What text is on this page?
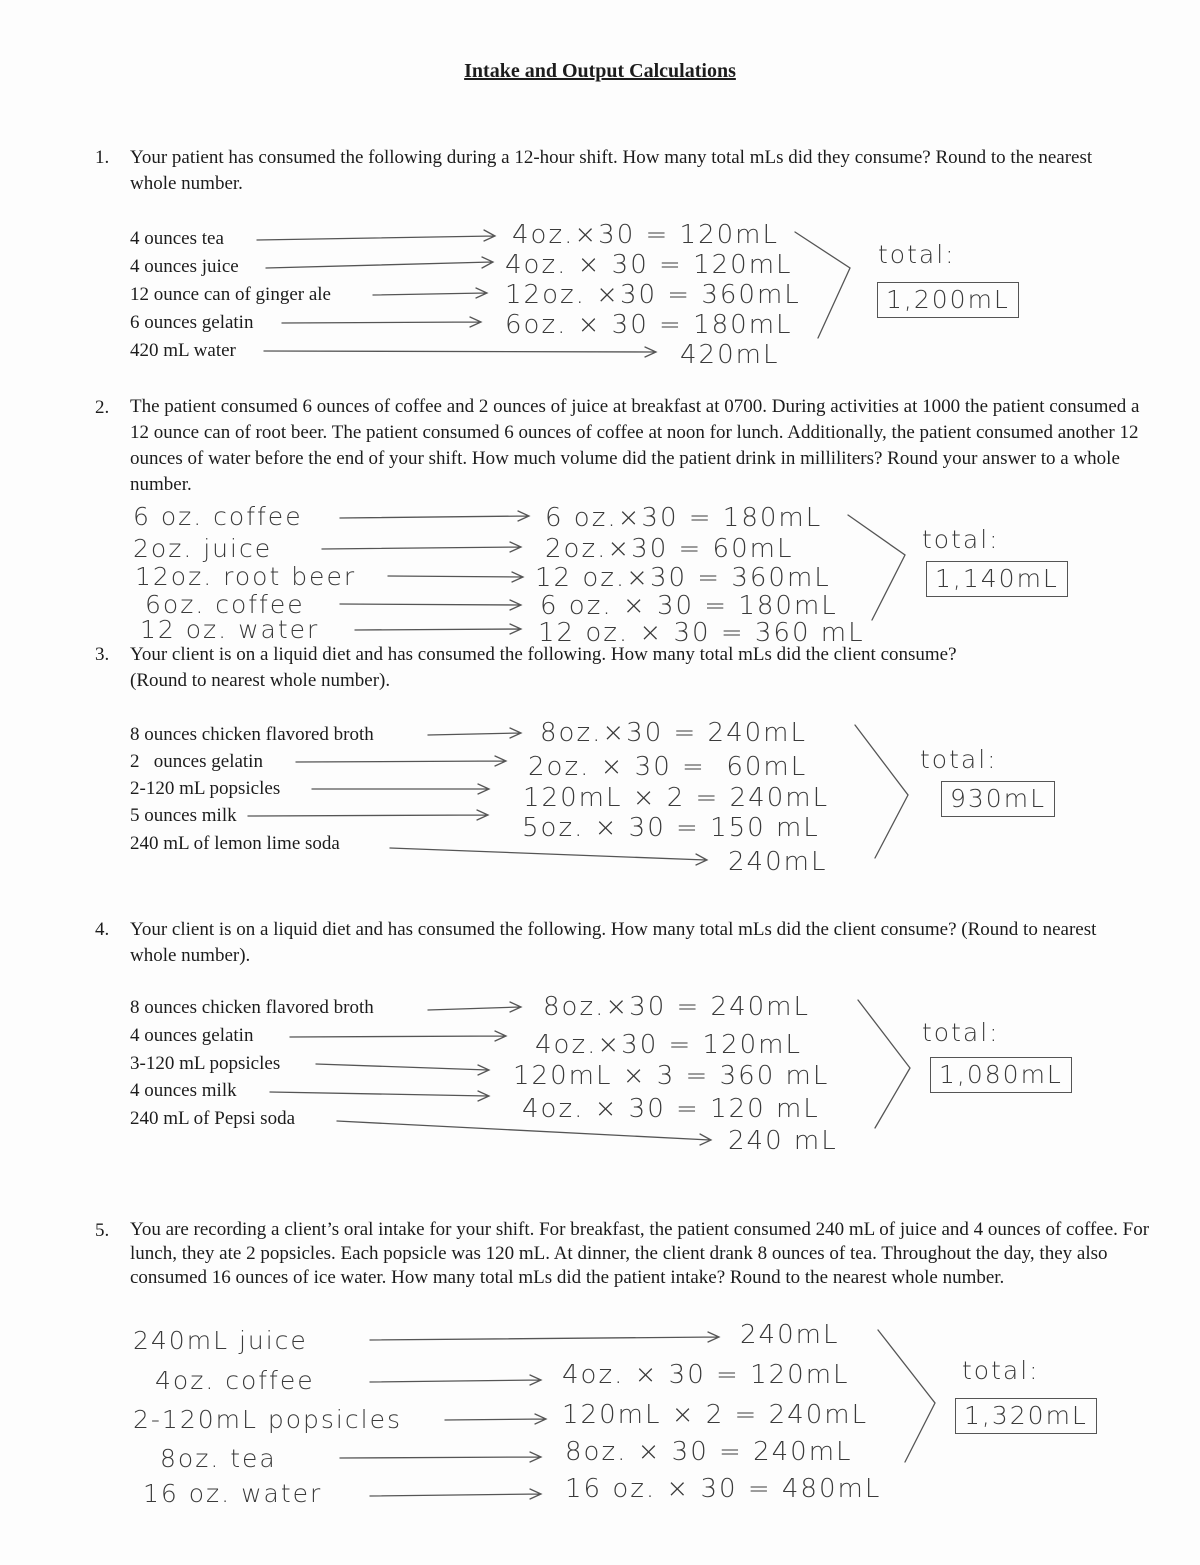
Intake and Output Calculations
1. Your patient has consumed the following during a 12-hour shift. How many total mLs did they consume? Round to the nearest whole number.
4 ounces tea
4 ounces juice
12 ounce can of ginger ale
6 ounces gelatin
420 mL water
4oz.×30 = 120mL
4oz. × 30 = 120mL
12oz. ×30 = 360mL
6oz. × 30 = 180mL
420mL
total:
1,200mL
2. The patient consumed 6 ounces of coffee and 2 ounces of juice at breakfast at 0700. During activities at 1000 the patient consumed a 12 ounce can of root beer. The patient consumed 6 ounces of coffee at noon for lunch. Additionally, the patient consumed another 12 ounces of water before the end of your shift. How much volume did the patient drink in milliliters? Round your answer to a whole number.
6 oz. coffee
2oz. juice
12oz. root beer
6oz. coffee
12 oz. water
6 oz.×30 = 180mL
2oz.×30 = 60mL
12 oz.×30 = 360mL
6 oz. × 30 = 180mL
12 oz. × 30 = 360 mL
total:
1,140mL
3. Your client is on a liquid diet and has consumed the following. How many total mLs did the client consume? (Round to nearest whole number).
8 ounces chicken flavored broth
2   ounces gelatin
2-120 mL popsicles
5 ounces milk
240 mL of lemon lime soda
8oz.×30 = 240mL
2oz. × 30 =  60mL
120mL × 2 = 240mL
5oz. × 30 = 150 mL
240mL
total:
930mL
4. Your client is on a liquid diet and has consumed the following. How many total mLs did the client consume? (Round to nearest whole number).
8 ounces chicken flavored broth
4 ounces gelatin
3-120 mL popsicles
4 ounces milk
240 mL of Pepsi soda
8oz.×30 = 240mL
4oz.×30 = 120mL
120mL × 3 = 360 mL
4oz. × 30 = 120 mL
240 mL
total:
1,080mL
5. You are recording a client’s oral intake for your shift. For breakfast, the patient consumed 240 mL of juice and 4 ounces of coffee. For lunch, they ate 2 popsicles. Each popsicle was 120 mL. At dinner, the client drank 8 ounces of tea. Throughout the day, they also consumed 16 ounces of ice water. How many total mLs did the patient intake? Round to the nearest whole number.
240mL juice
4oz. coffee
2-120mL popsicles
8oz. tea
16 oz. water
240mL
4oz. × 30 = 120mL
120mL × 2 = 240mL
8oz. × 30 = 240mL
16 oz. × 30 = 480mL
total:
1,320mL
